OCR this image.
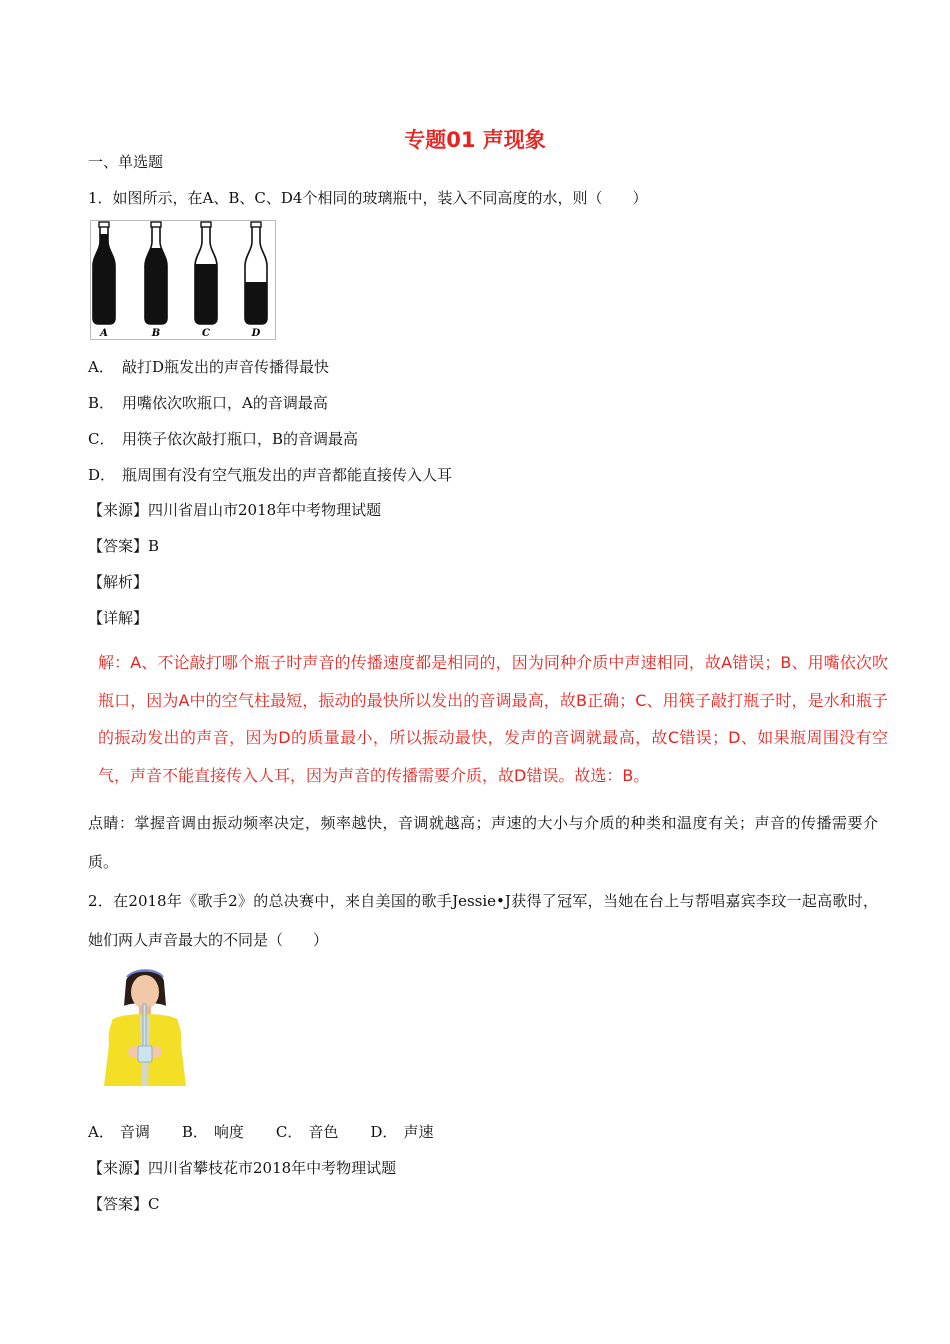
专题01 声现象
一、单选题
1．如图所示，在A、B、C、D4个相同的玻璃瓶中，装入不同高度的水，则（　　）
A	B	C	D
A． 敲打D瓶发出的声音传播得最快
B． 用嘴依次吹瓶口，A的音调最高
C． 用筷子依次敲打瓶口，B的音调最高
D． 瓶周围有没有空气瓶发出的声音都能直接传入人耳
【来源】四川省眉山市2018年中考物理试题
【答案】B
【解析】
【详解】
解：A、不论敲打哪个瓶子时声音的传播速度都是相同的，因为同种介质中声速相同，故A错误；B、用嘴依次吹瓶口，因为A中的空气柱最短，振动的最快所以发出的音调最高，故B正确；C、用筷子敲打瓶子时，是水和瓶子的振动发出的声音，因为D的质量最小，所以振动最快，发声的音调就最高，故C错误；D、如果瓶周围没有空气，声音不能直接传入人耳，因为声音的传播需要介质，故D错误。故选：B。
点睛：掌握音调由振动频率决定，频率越快，音调就越高；声速的大小与介质的种类和温度有关；声音的传播需要介质。
2．在2018年《歌手2》的总决赛中，来自美国的歌手Jessie•J获得了冠军，当她在台上与帮唱嘉宾李玟一起高歌时，她们两人声音最大的不同是（　　）
A． 音调 B． 响度 C． 音色 D． 声速
【来源】四川省攀枝花市2018年中考物理试题
【答案】C
